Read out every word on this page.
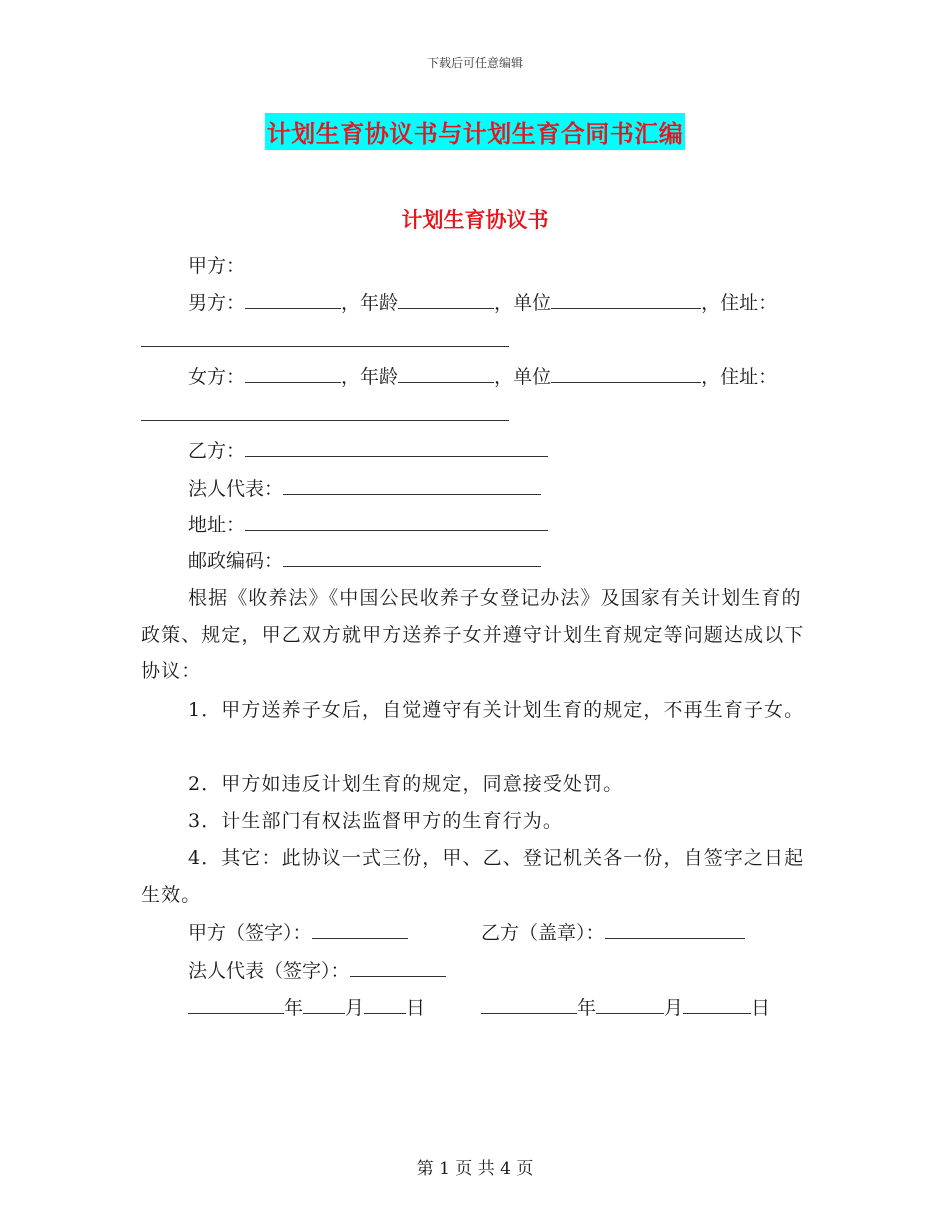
下载后可任意编辑
计划生育协议书与计划生育合同书汇编
计划生育协议书
甲方：
男方：	，年龄	，单位	，住址：
女方：	，年龄	，单位	，住址：
乙方：
法人代表：
地址：
邮政编码：
根据《收养法》《中国公民收养子女登记办法》及国家有关计划生育的政策、规定，甲乙双方就甲方送养子女并遵守计划生育规定等问题达成以下协议：
1．甲方送养子女后，自觉遵守有关计划生育的规定，不再生育子女。
2．甲方如违反计划生育的规定，同意接受处罚。
3．计生部门有权法监督甲方的生育行为。
4．其它：此协议一式三份，甲、乙、登记机关各一份，自签字之日起生效。
甲方（签字）：	乙方（盖章）：
法人代表（签字）：
年 月 日	年	月	日
第 1 页 共 4 页
